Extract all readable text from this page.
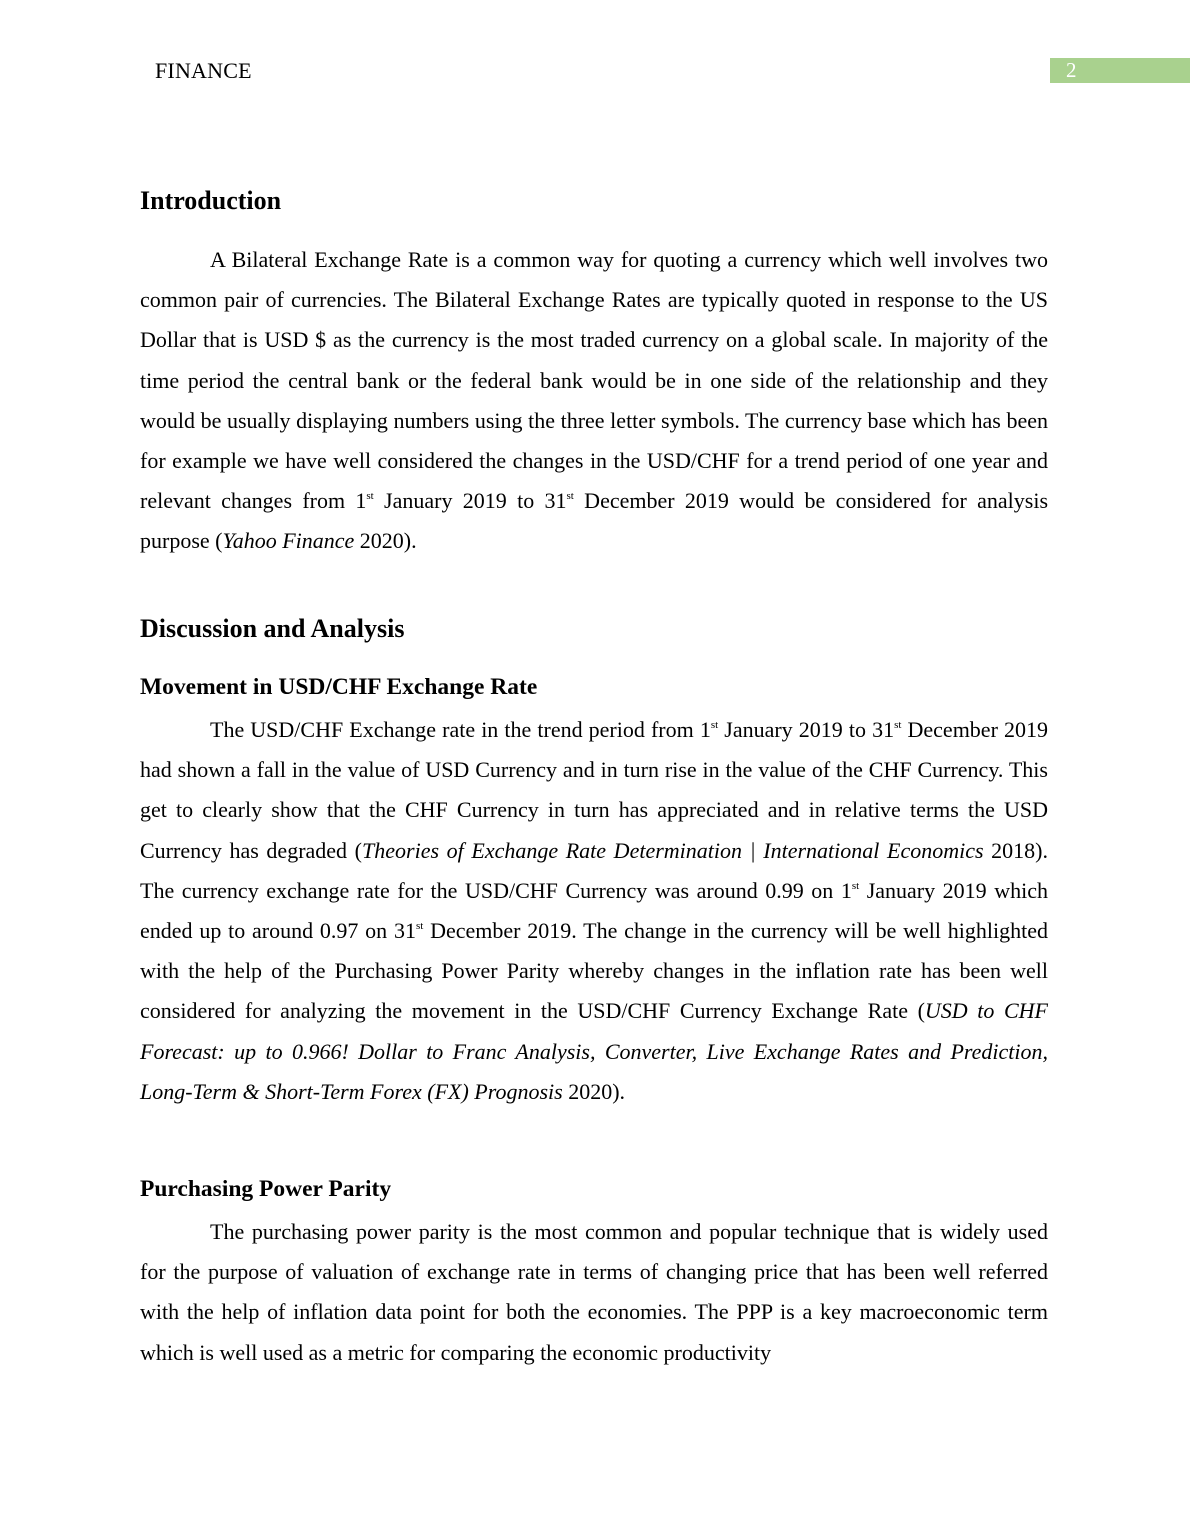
FINANCE	2
Introduction

A Bilateral Exchange Rate is a common way for quoting a currency which well involves two common pair of currencies. The Bilateral Exchange Rates are typically quoted in response to the US Dollar that is USD $ as the currency is the most traded currency on a global scale. In majority of the time period the central bank or the federal bank would be in one side of the relationship and they would be usually displaying numbers using the three letter symbols. The currency base which has been for example we have well considered the changes in the USD/CHF for a trend period of one year and relevant changes from 1st January 2019 to 31st December 2019 would be considered for analysis purpose (Yahoo Finance 2020).

Discussion and Analysis
Movement in USD/CHF Exchange Rate

The USD/CHF Exchange rate in the trend period from 1st January 2019 to 31st December 2019 had shown a fall in the value of USD Currency and in turn rise in the value of the CHF Currency. This get to clearly show that the CHF Currency in turn has appreciated and in relative terms the USD Currency has degraded (Theories of Exchange Rate Determination | International Economics 2018). The currency exchange rate for the USD/CHF Currency was around 0.99 on 1st January 2019 which ended up to around 0.97 on 31st December 2019. The change in the currency will be well highlighted with the help of the Purchasing Power Parity whereby changes in the inflation rate has been well considered for analyzing the movement in the USD/CHF Currency Exchange Rate (USD to CHF Forecast: up to 0.966! Dollar to Franc Analysis, Converter, Live Exchange Rates and Prediction, Long-Term & Short-Term Forex (FX) Prognosis 2020).

Purchasing Power Parity

The purchasing power parity is the most common and popular technique that is widely used for the purpose of valuation of exchange rate in terms of changing price that has been well referred with the help of inflation data point for both the economies. The PPP is a key macroeconomic term which is well used as a metric for comparing the economic productivity
